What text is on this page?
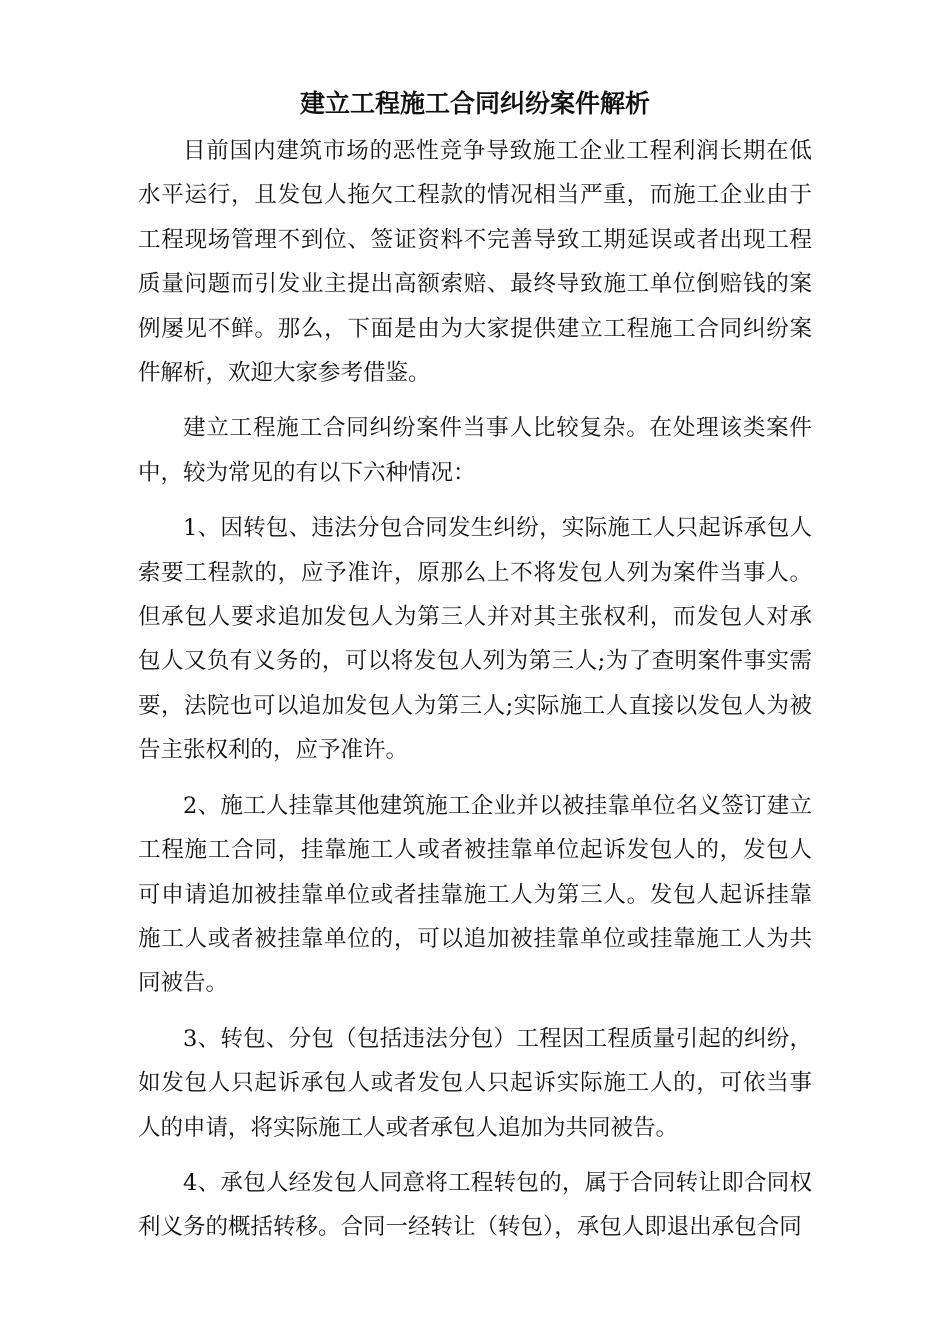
建立工程施工合同纠纷案件解析

目前国内建筑市场的恶性竞争导致施工企业工程利润长期在低水平运行，且发包人拖欠工程款的情况相当严重，而施工企业由于工程现场管理不到位、签证资料不完善导致工期延误或者出现工程质量问题而引发业主提出高额索赔、最终导致施工单位倒赔钱的案例屡见不鲜。那么，下面是由为大家提供建立工程施工合同纠纷案件解析，欢迎大家参考借鉴。

建立工程施工合同纠纷案件当事人比较复杂。在处理该类案件中，较为常见的有以下六种情况：

1、因转包、违法分包合同发生纠纷，实际施工人只起诉承包人索要工程款的，应予准许，原那么上不将发包人列为案件当事人。但承包人要求追加发包人为第三人并对其主张权利，而发包人对承包人又负有义务的，可以将发包人列为第三人;为了查明案件事实需要，法院也可以追加发包人为第三人;实际施工人直接以发包人为被告主张权利的，应予准许。

2、施工人挂靠其他建筑施工企业并以被挂靠单位名义签订建立工程施工合同，挂靠施工人或者被挂靠单位起诉发包人的，发包人可申请追加被挂靠单位或者挂靠施工人为第三人。发包人起诉挂靠施工人或者被挂靠单位的，可以追加被挂靠单位或挂靠施工人为共同被告。

3、转包、分包（包括违法分包）工程因工程质量引起的纠纷，如发包人只起诉承包人或者发包人只起诉实际施工人的，可依当事人的申请，将实际施工人或者承包人追加为共同被告。

4、承包人经发包人同意将工程转包的，属于合同转让即合同权利义务的概括转移。合同一经转让（转包），承包人即退出承包合同
